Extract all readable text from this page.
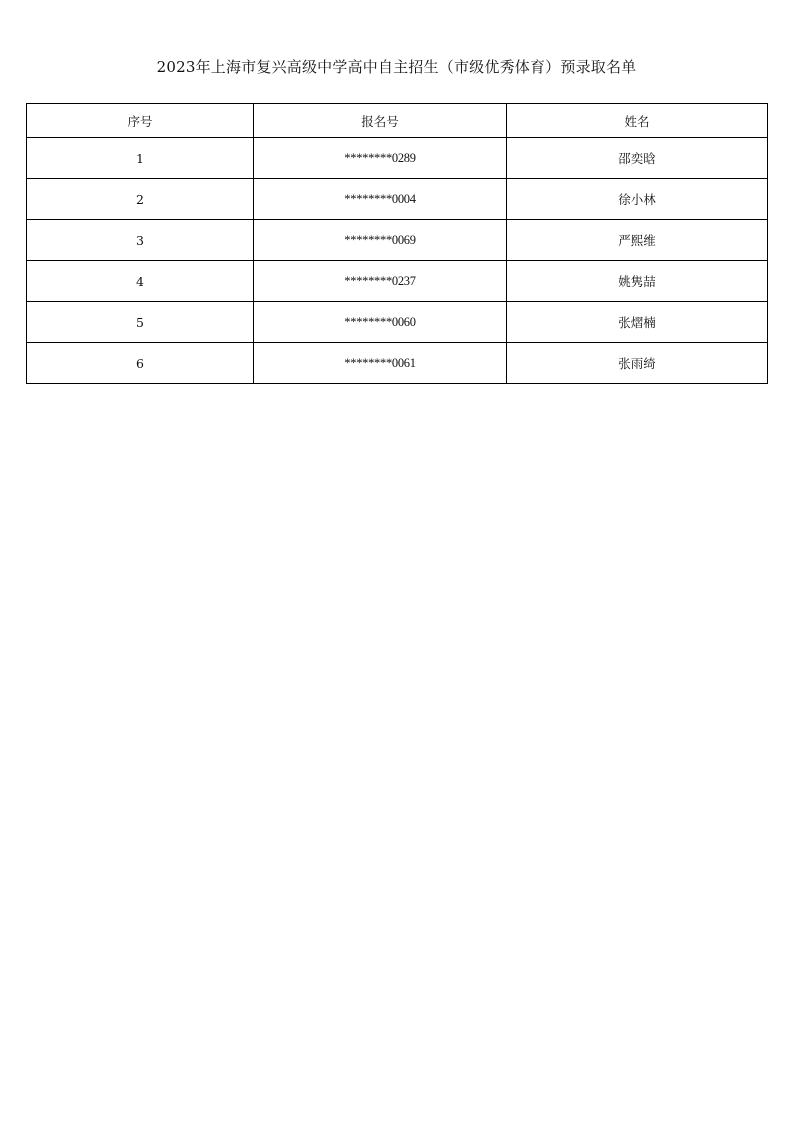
2023年上海市复兴高级中学高中自主招生（市级优秀体育）预录取名单
序号	报名号	姓名
1	********0289	邵奕晗
2	********0004	徐小林
3	********0069	严熙维
4	********0237	姚隽喆
5	********0060	张熠楠
6	********0061	张雨绮
